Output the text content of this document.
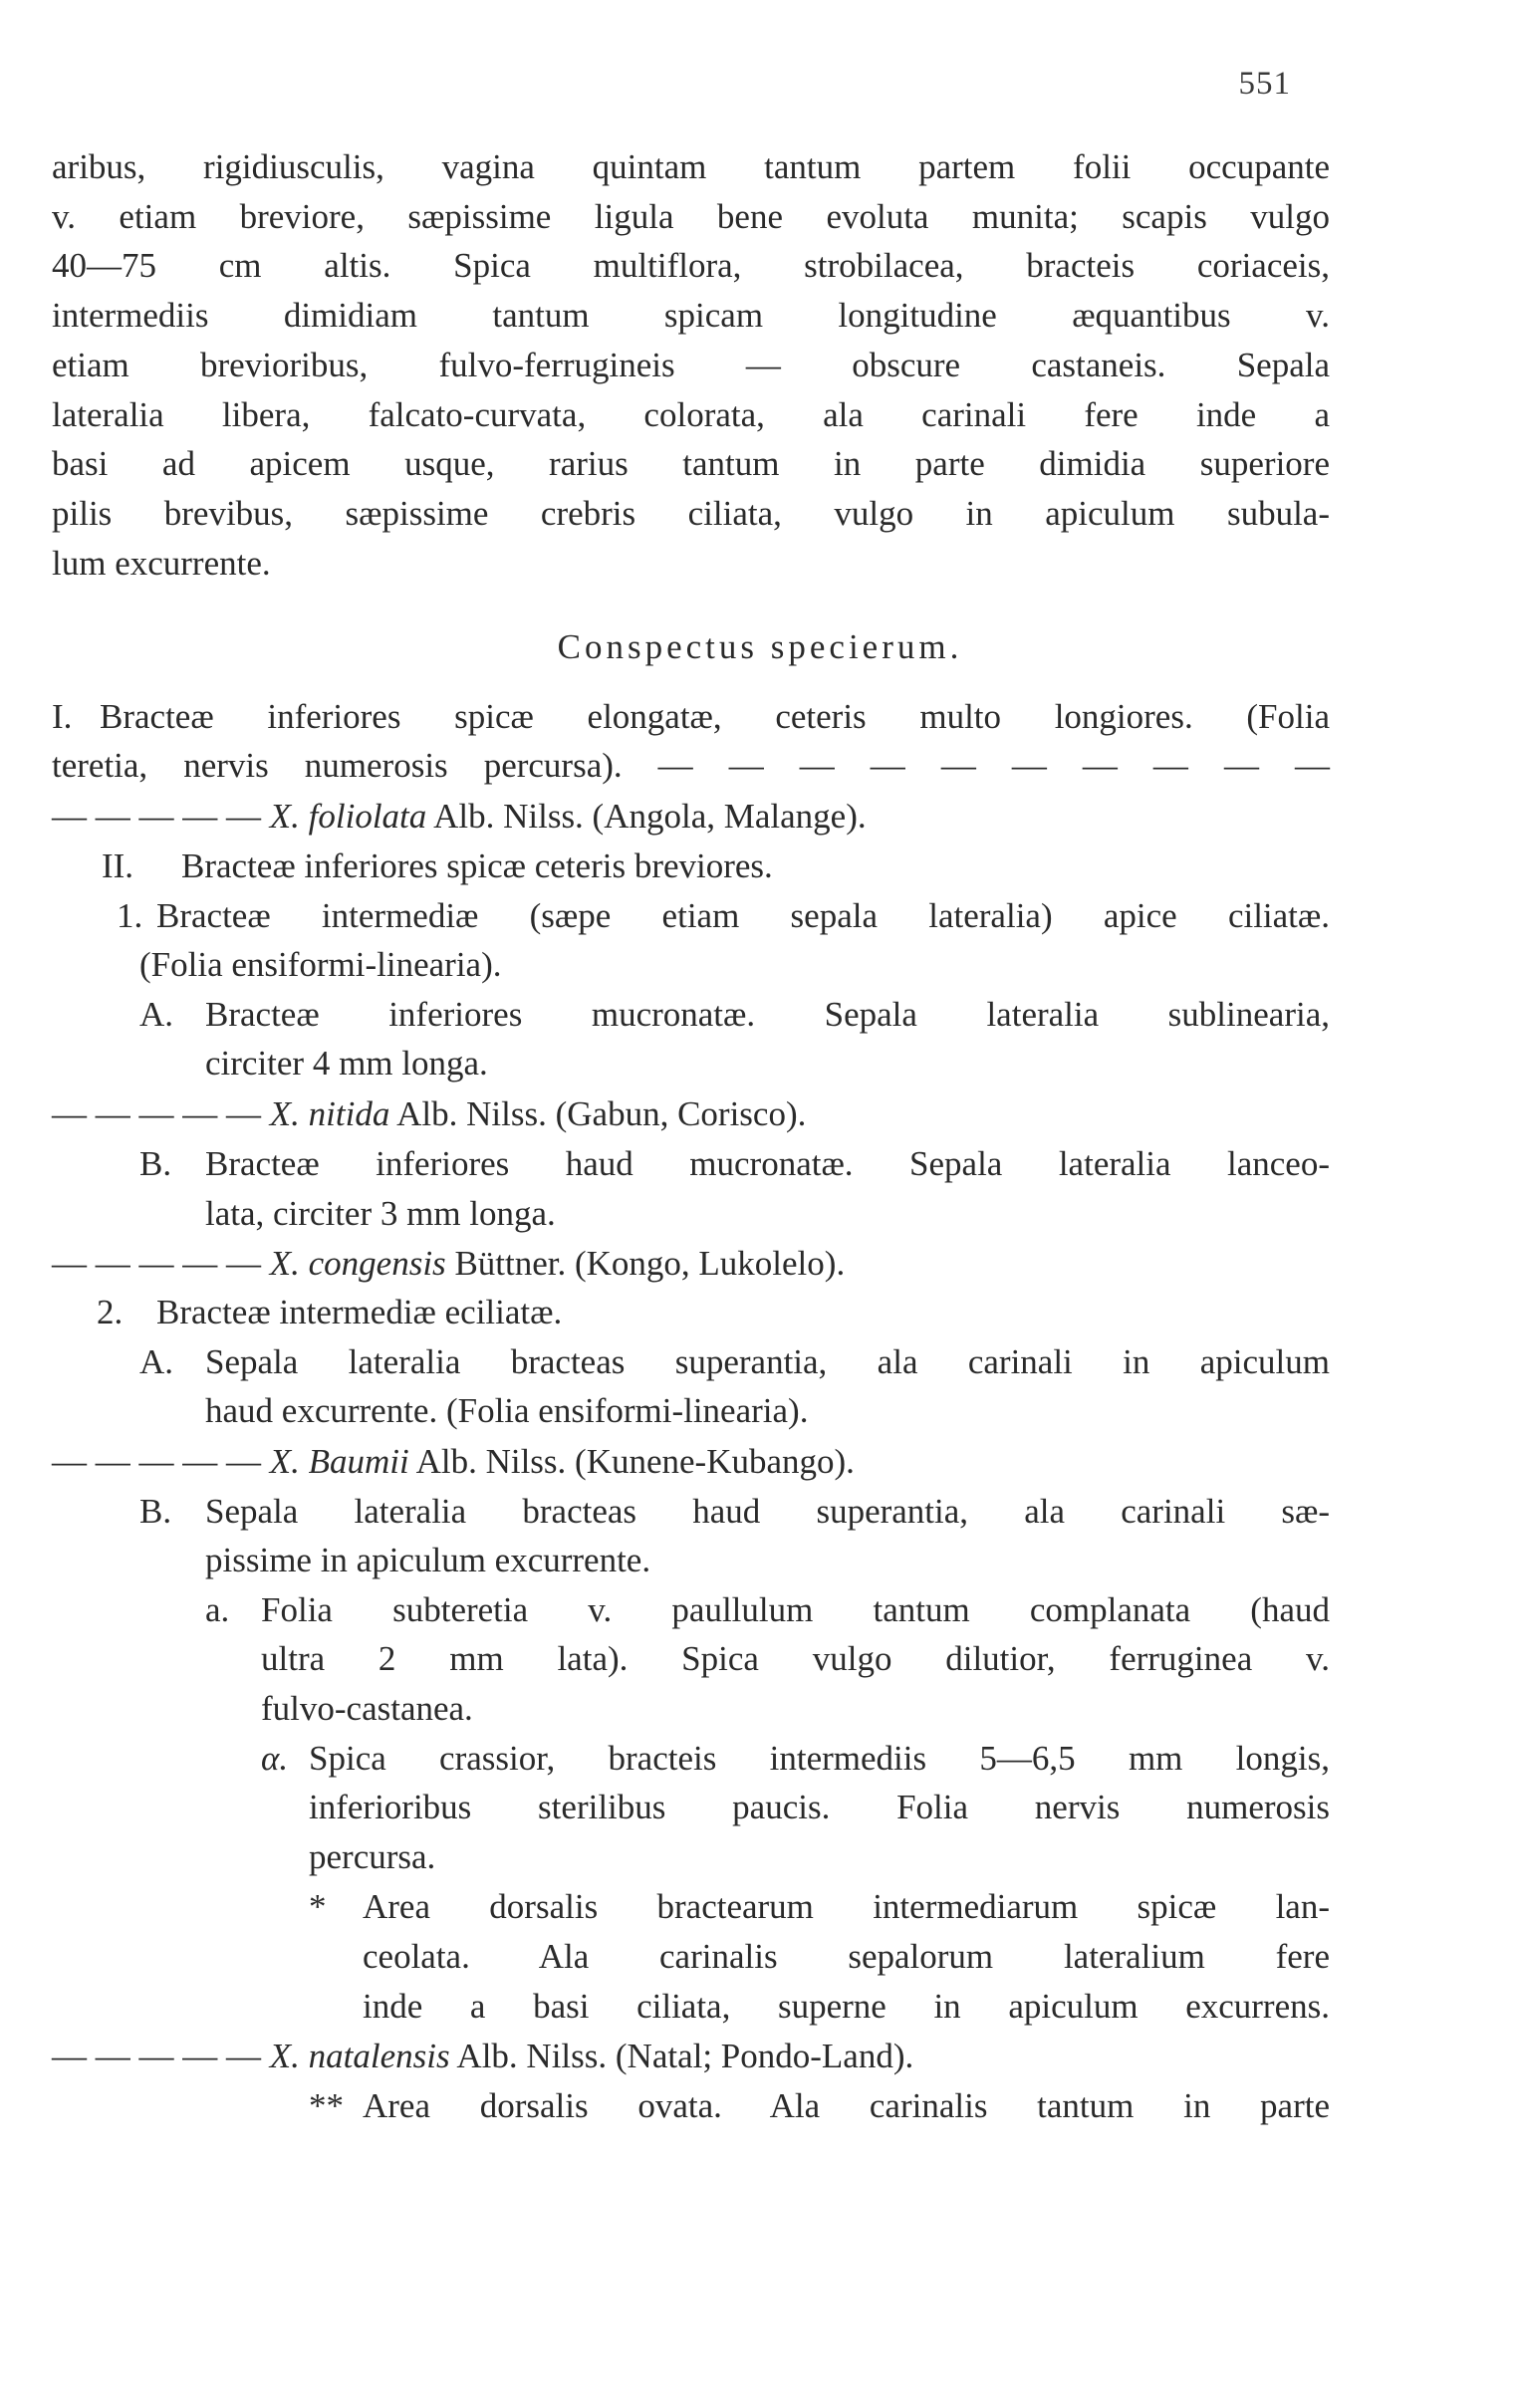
551
aribus, rigidiusculis, vagina quintam tantum partem folii occupante
v. etiam breviore, sæpissime ligula bene evoluta munita; scapis vulgo
40—75 cm altis. Spica multiflora, strobilacea, bracteis coriaceis,
intermediis dimidiam tantum spicam longitudine æquantibus v.
etiam brevioribus, fulvo-ferrugineis — obscure castaneis. Sepala
lateralia libera, falcato-curvata, colorata, ala carinali fere inde a
basi ad apicem usque, rarius tantum in parte dimidia superiore
pilis brevibus, sæpissime crebris ciliata, vulgo in apiculum subula-
lum excurrente.
Conspectus specierum.
I. Bracteæ inferiores spicæ elongatæ, ceteris multo longiores. (Folia
teretia, nervis numerosis percursa). — — — — — — — — — —
— — — — — X. foliolata Alb. Nilss. (Angola, Malange).
II. Bracteæ inferiores spicæ ceteris breviores.
1. Bracteæ intermediæ (sæpe etiam sepala lateralia) apice ciliatæ.
(Folia ensiformi-linearia).
A. Bracteæ inferiores mucronatæ. Sepala lateralia sublinearia,
circiter 4 mm longa.
— — — — — X. nitida Alb. Nilss. (Gabun, Corisco).
B. Bracteæ inferiores haud mucronatæ. Sepala lateralia lanceo-
lata, circiter 3 mm longa.
— — — — — X. congensis Büttner. (Kongo, Lukolelo).
2. Bracteæ intermediæ eciliatæ.
A. Sepala lateralia bracteas superantia, ala carinali in apiculum
haud excurrente. (Folia ensiformi-linearia).
— — — — — X. Baumii Alb. Nilss. (Kunene-Kubango).
B. Sepala lateralia bracteas haud superantia, ala carinali sæ-
pissime in apiculum excurrente.
a. Folia subteretia v. paullulum tantum complanata (haud
ultra 2 mm lata). Spica vulgo dilutior, ferruginea v.
fulvo-castanea.
α. Spica crassior, bracteis intermediis 5—6,5 mm longis,
inferioribus sterilibus paucis. Folia nervis numerosis
percursa.
* Area dorsalis bractearum intermediarum spicæ lan-
ceolata. Ala carinalis sepalorum lateralium fere
inde a basi ciliata, superne in apiculum excurrens.
— — — — — X. natalensis Alb. Nilss. (Natal; Pondo-Land).
** Area dorsalis ovata. Ala carinalis tantum in parte
